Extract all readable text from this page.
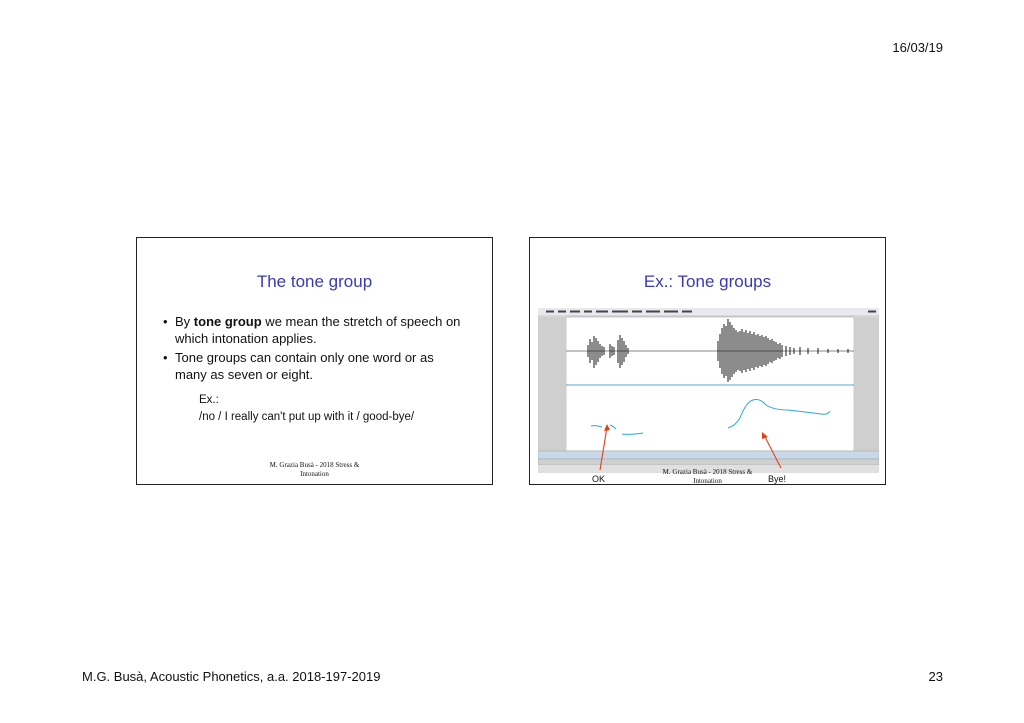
16/03/19
The tone group
• By tone group we mean the stretch of speech on which intonation applies.
• Tone groups can contain only one word or as many as seven or eight.
Ex.:
/no / I really can't put up with it / good-bye/
M. Grazia Busà - 2018 Stress &
Intonation
Ex.: Tone groups
OK	Bye!
M. Grazia Busà - 2018 Stress &
Intonation
M.G. Busà, Acoustic Phonetics, a.a. 2018-197-2019	23
